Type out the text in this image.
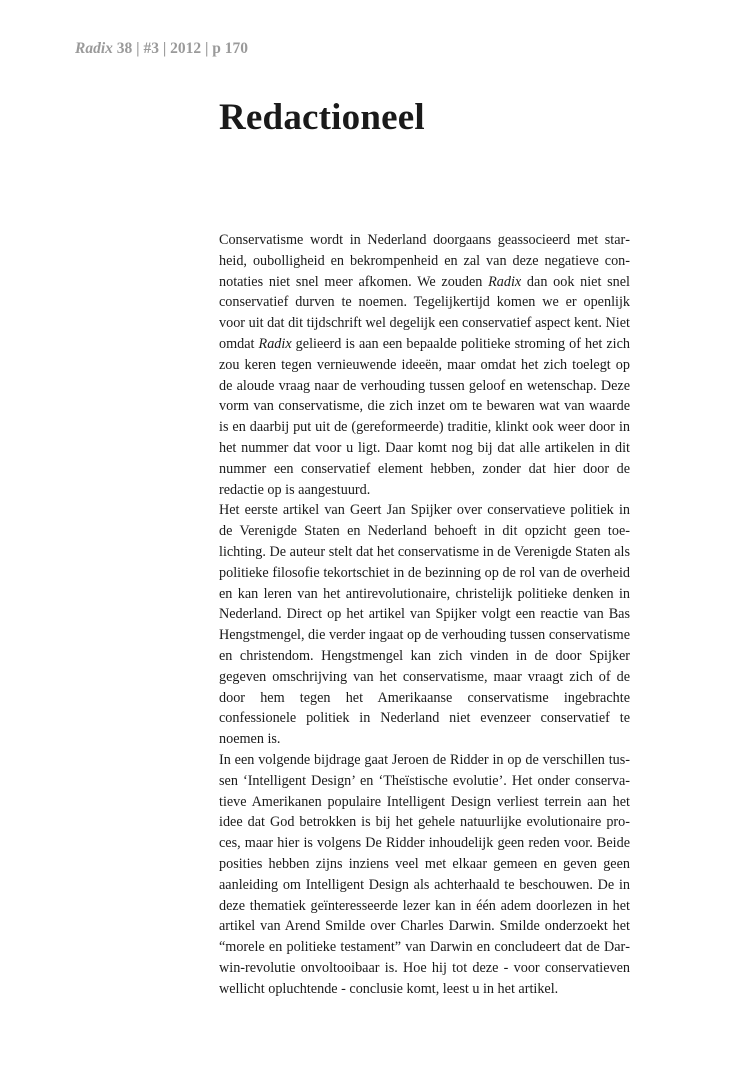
Radix 38 | #3 | 2012 | p 170
Redactioneel

Conservatisme wordt in Nederland doorgaans geassocieerd met starheid, oubolligheid en bekrompenheid en zal van deze negatieve connotaties niet snel meer afkomen. We zouden Radix dan ook niet snel conservatief durven te noemen. Tegelijkertijd komen we er openlijk voor uit dat dit tijdschrift wel degelijk een conservatief aspect kent. Niet omdat Radix gelieerd is aan een bepaalde politieke stroming of het zich zou keren tegen vernieuwende ideeën, maar omdat het zich toelegt op de aloude vraag naar de verhouding tussen geloof en wetenschap. Deze vorm van conservatisme, die zich inzet om te bewaren wat van waarde is en daarbij put uit de (gereformeerde) traditie, klinkt ook weer door in het nummer dat voor u ligt. Daar komt nog bij dat alle artikelen in dit nummer een conservatief element hebben, zonder dat hier door de redactie op is aangestuurd.

Het eerste artikel van Geert Jan Spijker over conservatieve politiek in de Verenigde Staten en Nederland behoeft in dit opzicht geen toelichting. De auteur stelt dat het conservatisme in de Verenigde Staten als politieke filosofie tekortschiet in de bezinning op de rol van de overheid en kan leren van het antirevolutionaire, christelijk politieke denken in Nederland. Direct op het artikel van Spijker volgt een reactie van Bas Hengstmengel, die verder ingaat op de verhouding tussen conservatisme en christendom. Hengstmengel kan zich vinden in de door Spijker gegeven omschrijving van het conservatisme, maar vraagt zich of de door hem tegen het Amerikaanse conservatisme ingebrachte confessionele politiek in Nederland niet evenzeer conservatief te noemen is.

In een volgende bijdrage gaat Jeroen de Ridder in op de verschillen tussen ‘Intelligent Design’ en ‘Theïstische evolutie’. Het onder conservatieve Amerikanen populaire Intelligent Design verliest terrein aan het idee dat God betrokken is bij het gehele natuurlijke evolutionaire proces, maar hier is volgens De Ridder inhoudelijk geen reden voor. Beide posities hebben zijns inziens veel met elkaar gemeen en geven geen aanleiding om Intelligent Design als achterhaald te beschouwen. De in deze thematiek geïnteresseerde lezer kan in één adem doorlezen in het artikel van Arend Smilde over Charles Darwin. Smilde onderzoekt het “morele en politieke testament” van Darwin en concludeert dat de Darwin-revolutie onvoltooibaar is. Hoe hij tot deze - voor conservatieven wellicht opluchtende - conclusie komt, leest u in het artikel.
